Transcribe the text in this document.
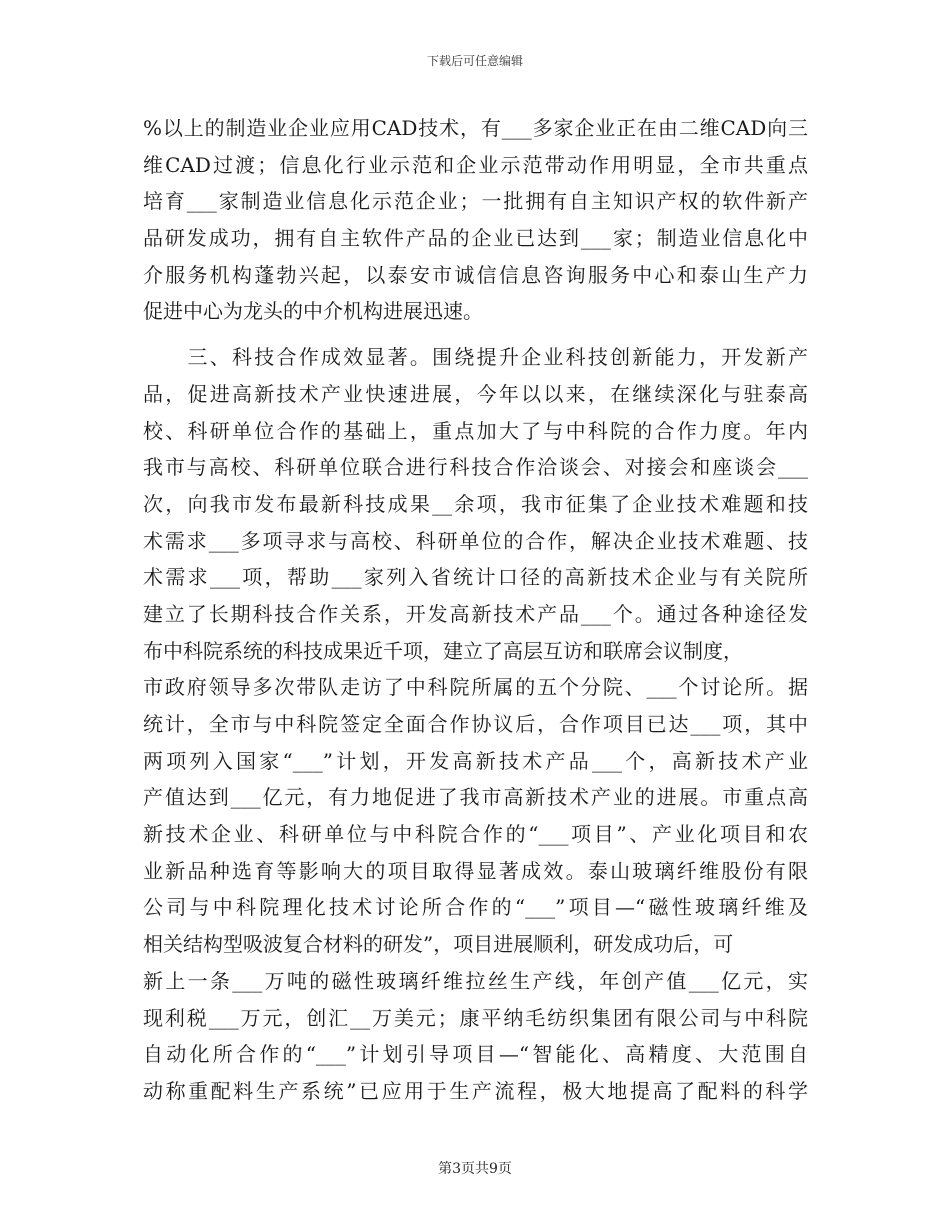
下载后可任意编辑
%以上的制造业企业应用CAD技术，有___多家企业正在由二维CAD向三
维CAD过渡；信息化行业示范和企业示范带动作用明显，全市共重点
培育___家制造业信息化示范企业；一批拥有自主知识产权的软件新产
品研发成功，拥有自主软件产品的企业已达到___家；制造业信息化中
介服务机构蓬勃兴起，以泰安市诚信信息咨询服务中心和泰山生产力
促进中心为龙头的中介机构进展迅速。
　　三、科技合作成效显著。围绕提升企业科技创新能力，开发新产
品，促进高新技术产业快速进展，今年以以来，在继续深化与驻泰高
校、科研单位合作的基础上，重点加大了与中科院的合作力度。年内
我市与高校、科研单位联合进行科技合作洽谈会、对接会和座谈会___
次，向我市发布最新科技成果__余项，我市征集了企业技术难题和技
术需求___多项寻求与高校、科研单位的合作，解决企业技术难题、技
术需求___项，帮助___家列入省统计口径的高新技术企业与有关院所
建立了长期科技合作关系，开发高新技术产品___个。通过各种途径发
布中科院系统的科技成果近千项，建立了高层互访和联席会议制度，
市政府领导多次带队走访了中科院所属的五个分院、___个讨论所。据
统计，全市与中科院签定全面合作协议后，合作项目已达___项，其中
两项列入国家“___”计划，开发高新技术产品___个，高新技术产业
产值达到___亿元，有力地促进了我市高新技术产业的进展。市重点高
新技术企业、科研单位与中科院合作的“___项目”、产业化项目和农
业新品种选育等影响大的项目取得显著成效。泰山玻璃纤维股份有限
公司与中科院理化技术讨论所合作的“___”项目—“磁性玻璃纤维及
相关结构型吸波复合材料的研发”，项目进展顺利，研发成功后，可
新上一条___万吨的磁性玻璃纤维拉丝生产线，年创产值___亿元，实
现利税___万元，创汇__万美元；康平纳毛纺织集团有限公司与中科院
自动化所合作的“___”计划引导项目—“智能化、高精度、大范围自
动称重配料生产系统”已应用于生产流程，极大地提高了配料的科学
第3页共9页
